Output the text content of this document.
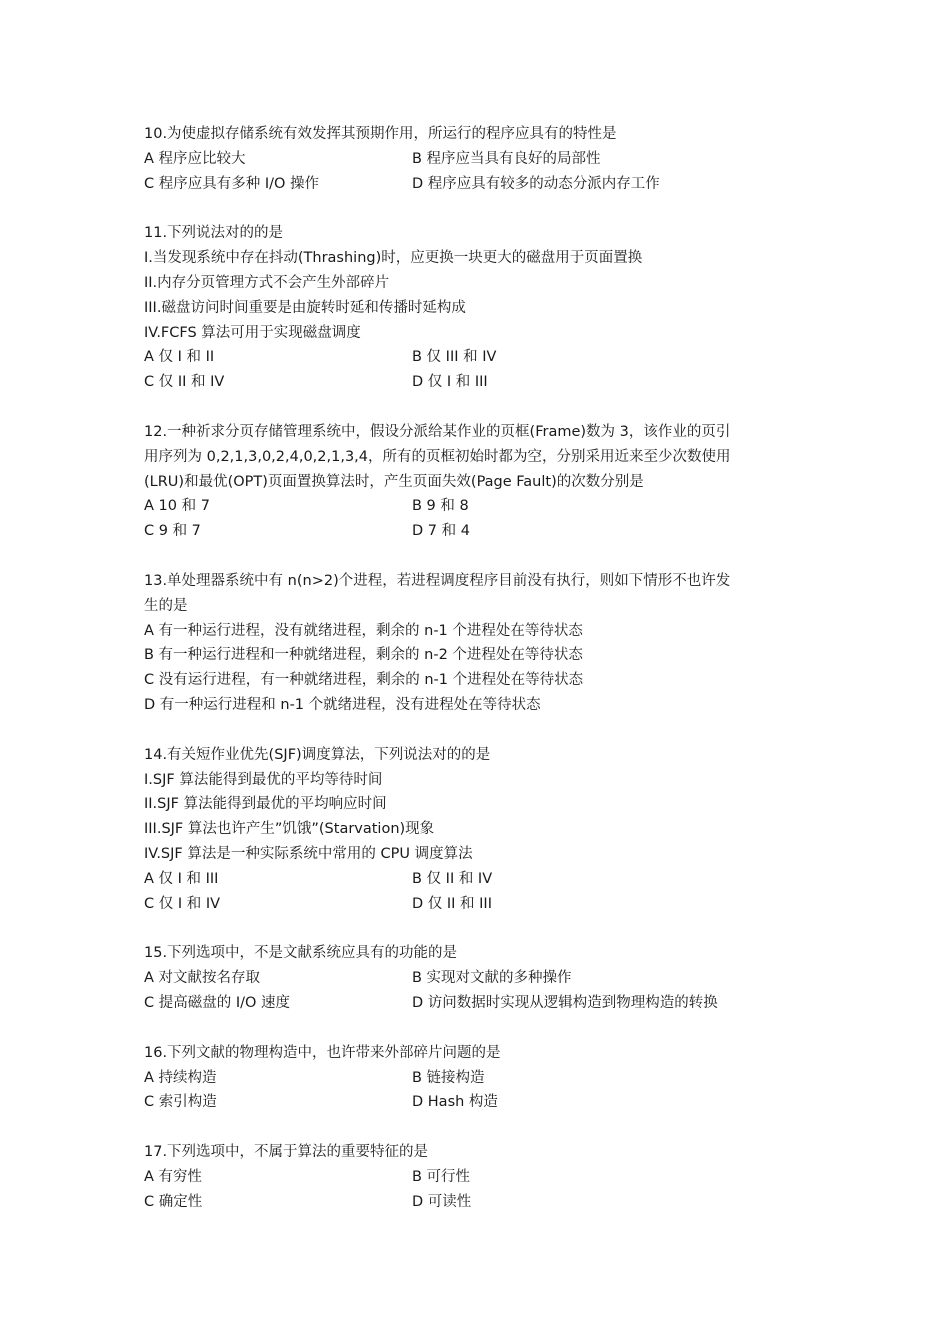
10.为使虚拟存储系统有效发挥其预期作用，所运行的程序应具有的特性是
A 程序应比较大	B 程序应当具有良好的局部性
C 程序应具有多种 I/O 操作	D 程序应具有较多的动态分派内存工作
11.下列说法对的的是
I.当发现系统中存在抖动(Thrashing)时，应更换一块更大的磁盘用于页面置换
II.内存分页管理方式不会产生外部碎片
III.磁盘访问时间重要是由旋转时延和传播时延构成
IV.FCFS 算法可用于实现磁盘调度
A 仅 I 和 II	B 仅 III 和 IV
C 仅 II 和 IV	D 仅 I 和 III
12.一种祈求分页存储管理系统中，假设分派给某作业的页框(Frame)数为 3，该作业的页引
用序列为 0,2,1,3,0,2,4,0,2,1,3,4，所有的页框初始时都为空，分别采用近来至少次数使用
(LRU)和最优(OPT)页面置换算法时，产生页面失效(Page Fault)的次数分别是
A 10 和 7	B 9 和 8
C 9 和 7	D 7 和 4
13.单处理器系统中有 n(n>2)个进程，若进程调度程序目前没有执行，则如下情形不也许发
生的是
A 有一种运行进程，没有就绪进程，剩余的 n-1 个进程处在等待状态
B 有一种运行进程和一种就绪进程，剩余的 n-2 个进程处在等待状态
C 没有运行进程，有一种就绪进程，剩余的 n-1 个进程处在等待状态
D 有一种运行进程和 n-1 个就绪进程，没有进程处在等待状态
14.有关短作业优先(SJF)调度算法，下列说法对的的是
I.SJF 算法能得到最优的平均等待时间
II.SJF 算法能得到最优的平均响应时间
III.SJF 算法也许产生”饥饿”(Starvation)现象
IV.SJF 算法是一种实际系统中常用的 CPU 调度算法
A 仅 I 和 III	B 仅 II 和 IV
C 仅 I 和 IV	D 仅 II 和 III
15.下列选项中，不是文献系统应具有的功能的是
A 对文献按名存取	B 实现对文献的多种操作
C 提高磁盘的 I/O 速度	D 访问数据时实现从逻辑构造到物理构造的转换
16.下列文献的物理构造中，也许带来外部碎片问题的是
A 持续构造	B 链接构造
C 索引构造	D Hash 构造
17.下列选项中，不属于算法的重要特征的是
A 有穷性	B 可行性
C 确定性	D 可读性
